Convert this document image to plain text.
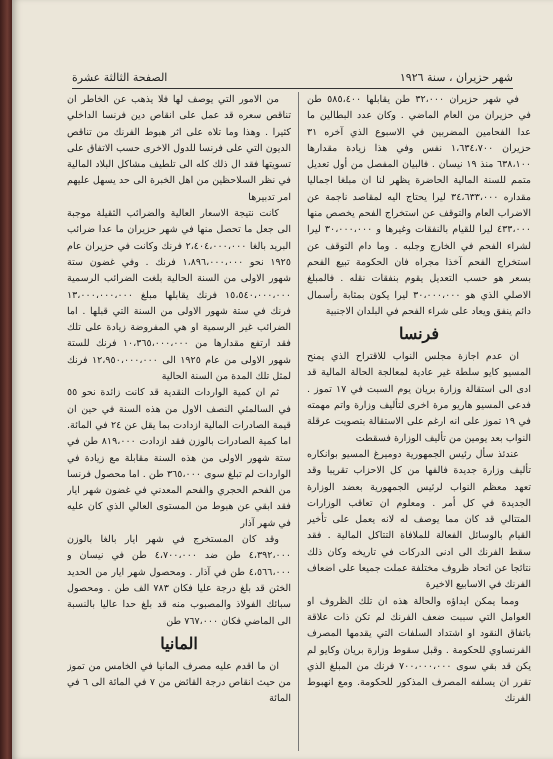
شهر حزيران ، سنة ١٩٢٦
الصفحة الثالثة عشرة

في شهر حزيران ٣٢،٠٠٠ طن يقابلها ٥٨٥،٤٠٠ طن في حزيران من العام الماضي . وكان عدد البطالين ما عدا الفحامين المضربين في الاسبوع الذي آخره ٣١ حزيران ١،٦٣٤،٧٠٠ نفس وفي هذا زيادة مقدارها ٦٣٨،١٠٠ منذ ١٩ نيسان . فالبيان المفصل من أول تعديل متمم للسنة المالية الحاضرة يظهر لنا ان مبلغا اجماليا مقداره ٣٤،٦٣٣،٠٠٠ ليرا يحتاج اليه لمقاصد ناجمة عن الاضراب العام والتوقف عن استخراج الفحم يخصص منها ٤٣٣،٠٠٠ ليرا للقيام بالنفقات وغيرها و ٣٠،٠٠٠،٠٠٠ ليرا لشراء الفحم في الخارج وجلبه . وما دام التوقف عن استخراج الفحم آخذا مجراه فان الحكومة تبيع الفحم بسعر هو حسب التعديل يقوم بنفقات نقله . فالمبلغ الاصلي الذي هو ٣٠،٠٠٠،٠٠٠ ليرا يكون بمثابة رأسمال دائم ينفق ويعاد على شراء الفحم في البلدان الاجنبية

فرنسا

ان عدم اجازة مجلس النواب للاقتراح الذي يمنح المسيو كايو سلطة غير عادية لمعالجة الحالة المالية قد ادى الى استقالة وزارة بريان يوم السبت في ١٧ تموز . فدعى المسيو هاريو مرة اخرى لتأليف وزارة واتم مهمته في ١٩ تموز على انه ارغم على الاستقالة بتصويت عرقلة النواب بعد يومين من تأليف الوزارة فسقطت

عندئذ سأل رئيس الجمهورية دوميرغ المسيو بوانكاره تأليف وزارة جديدة فالفها من كل الاحزاب تقريبا وقد تعهد معظم النواب لرئيس الجمهورية بعضد الوزارة الجديدة في كل أمر . ومعلوم ان تعاقب الوزارات المتتالي قد كان مما يوصف له لانه يعمل على تأخير القيام بالوسائل الفعالة للملافاة التتاكل المالية . فقد سقط الفرنك الى ادنى الدركات في تاريخه وكان ذلك نتائجا عن اتحاد ظروف مختلفة عملت جميعا على اضعاف الفرنك في الاسابيع الاخيرة

ومما يمكن ايداؤه والحالة هذه ان تلك الظروف او العوامل التي سببت ضعف الفرنك لم تكن ذات علاقة باتفاق النقود او اشتداد السلفات التي يقدمها المصرف الفرنساوي للحكومة . وقبل سقوط وزارة بريان وكايو لم يكن قد بقي سوى ٧٠٠،٠٠٠،٠٠٠ فرنك من المبلغ الذي تقرر ان يسلفه المصرف المذكور للحكومة. ومع انهبوط الفرنك

من الامور التي يوصف لها فلا يذهب عن الخاطر ان تناقص سعره قد عمل على انقاص دين فرنسا الداخلي كثيرا . وهذا وما تلاه على اثر هبوط الفرنك من تناقص الديون التي على فرنسا للدول الاخرى حسب الاتفاق على تسويتها فقد ال ذلك كله الى تلطيف مشاكل البلاد المالية في نظر السلاحظين من اهل الخبرة الى حد يسهل عليهم امر تدبيرها

كانت نتيجة الاسعار العالية والضرائب الثقيلة موجبة الى جعل ما تحصل منها في شهر حزيران ما عدا ضرائب البريد بالغا ٢،٤٠٤،٠٠٠،٠٠٠ فرنك وكانت في حزيران عام ١٩٢٥ نحو ١،٨٩٦،٠٠٠،٠٠٠ فرنك . وفي غضون ستة شهور الاولى من السنة الحالية بلغت الضرائب الرسمية ١٥،٥٤٠،٠٠٠،٠٠٠ فرنك يقابلها مبلغ ١٣،٠٠٠،٠٠٠،٠٠٠ فرنك في ستة شهور الاولى من السنة التي قبلها . اما الضرائب غير الرسمية او هي المفروضة زيادة على تلك فقد ارتفع مقدارها من ١٠،٣٦٥،٠٠٠،٠٠٠ فرنك للستة شهور الاولى من عام ١٩٢٥ الى ١٢،٩٥٠،٠٠٠،٠٠٠ فرنك لمثل تلك المدة من السنة الحالية

ثم ان كمية الواردات النقدية قد كانت زائدة نحو ٥٥ في السالمئي النصف الاول من هذه السنة في حين ان قيمة الصادرات المالية ازدادت بما يقل عن ٢٤ في المائة. اما كمية الصادرات بالوزن فقد ازدادت ٨١٩،٠٠٠ طن في ستة شهور الاولى من هذه السنة مقابلة مع زيادة في الواردات لم تبلغ سوى ٣٦٥،٠٠٠ طن . اما محصول فرنسا من الفحم الحجري والفحم المعدني في غضون شهر ايار فقد ابقي عن هبوط من المستوى العالي الذي كان عليه في شهر آذار

وقد كان المستخرج في شهر ايار بالغا بالوزن ٤،٣٩٢،٠٠٠ طن ضد ٤،٧٠٠،٠٠٠ طن في نيسان و ٤،٥٦٦،٠٠٠ طن في آذار . ومحصول شهر ايار من الحديد الخثن قد بلغ درجة عليا فكان ٧٨٣ الف طن . ومحصول سبائك الفولاذ والمصبوب منه قد بلغ حدا عاليا بالنسبة الى الماضي فكان ٧٦٧،٠٠٠ طن

المانيا

ان ما اقدم عليه مصرف المانيا في الخامس من تموز من حيث انقاص درجة القائض من ٧ في المائة الى ٦ في المائة
